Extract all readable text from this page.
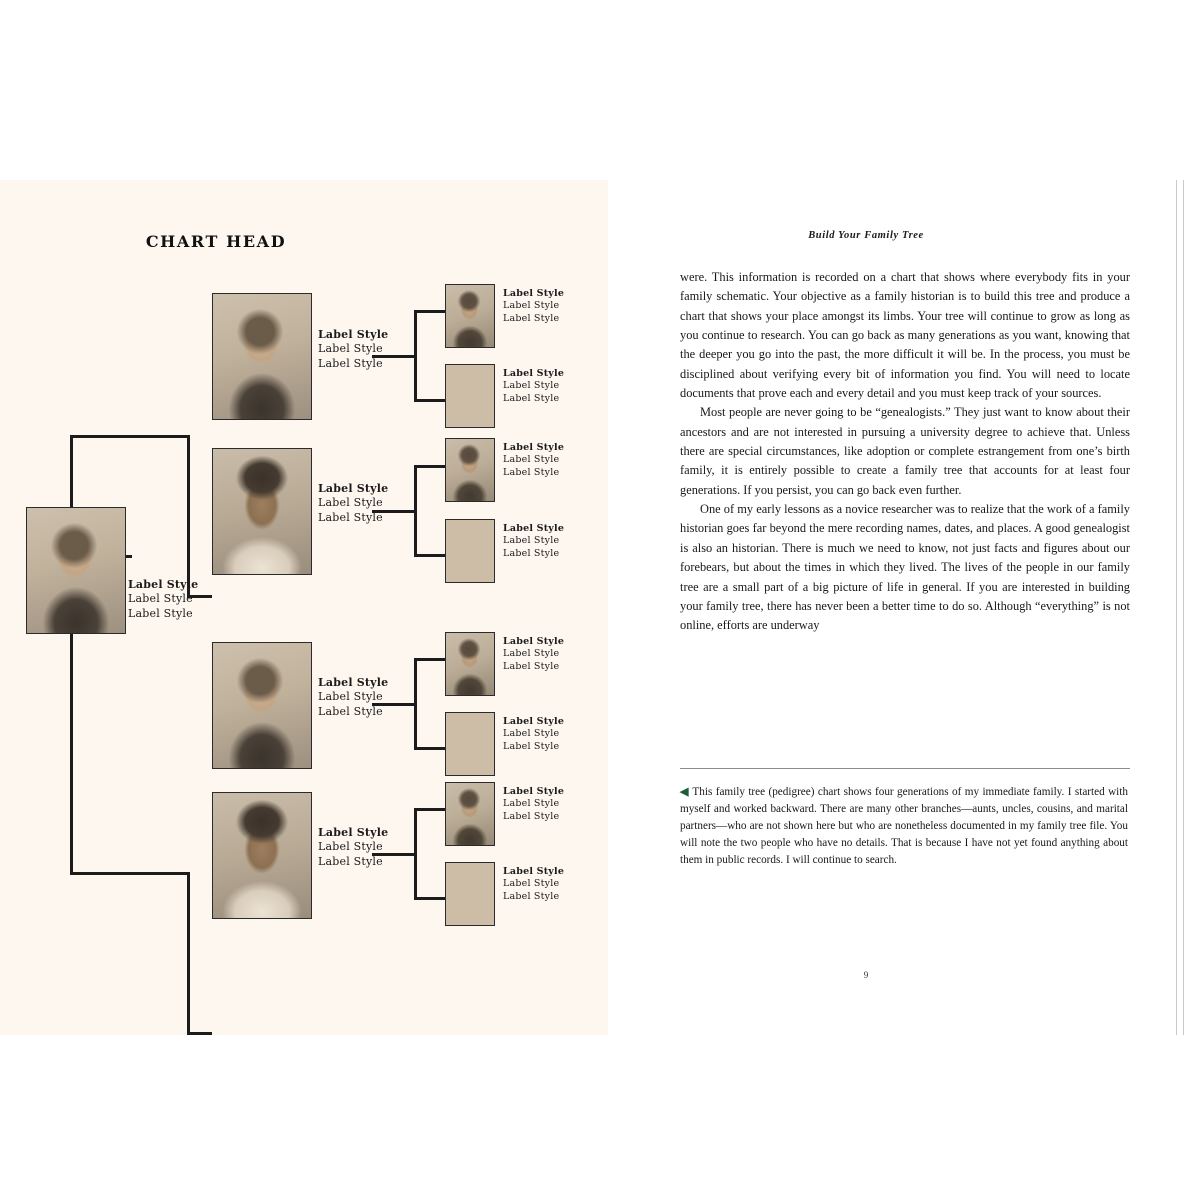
CHART HEAD
Label Style
Label Style
Label Style
Label Style
Label Style
Label Style
Label Style
Label Style
Label Style
Label Style
Label Style
Label Style
Label Style
Label Style
Label Style
Label Style
Label Style
Label Style
Label Style
Label Style
Label Style
Label Style
Label Style
Label Style
Label Style
Label Style
Label Style
Label Style
Label Style
Label Style
Label Style
Label Style
Label Style
Label Style
Label Style
Label Style
Label Style
Label Style
Label Style
Build Your Family Tree

were. This information is recorded on a chart that shows where everybody fits in your family schematic. Your objective as a family historian is to build this tree and produce a chart that shows your place amongst its limbs. Your tree will continue to grow as long as you continue to research. You can go back as many generations as you want, knowing that the deeper you go into the past, the more difficult it will be. In the process, you must be disciplined about verifying every bit of information you find. You will need to locate documents that prove each and every detail and you must keep track of your sources.

Most people are never going to be “genealogists.” They just want to know about their ancestors and are not interested in pursuing a university degree to achieve that. Unless there are special circumstances, like adoption or complete estrangement from one’s birth family, it is entirely possible to create a family tree that accounts for at least four generations. If you persist, you can go back even further.

One of my early lessons as a novice researcher was to realize that the work of a family historian goes far beyond the mere recording names, dates, and places. A good genealogist is also an historian. There is much we need to know, not just facts and figures about our forebears, but about the times in which they lived. The lives of the people in our family tree are a small part of a big picture of life in general. If you are interested in building your family tree, there has never been a better time to do so. Although “everything” is not online, efforts are underway

◀ This family tree (pedigree) chart shows four generations of my immediate family. I started with myself and worked backward. There are many other branches—aunts, uncles, cousins, and marital partners—who are not shown here but who are nonetheless documented in my family tree file. You will note the two people who have no details. That is because I have not yet found anything about them in public records. I will continue to search.
9
